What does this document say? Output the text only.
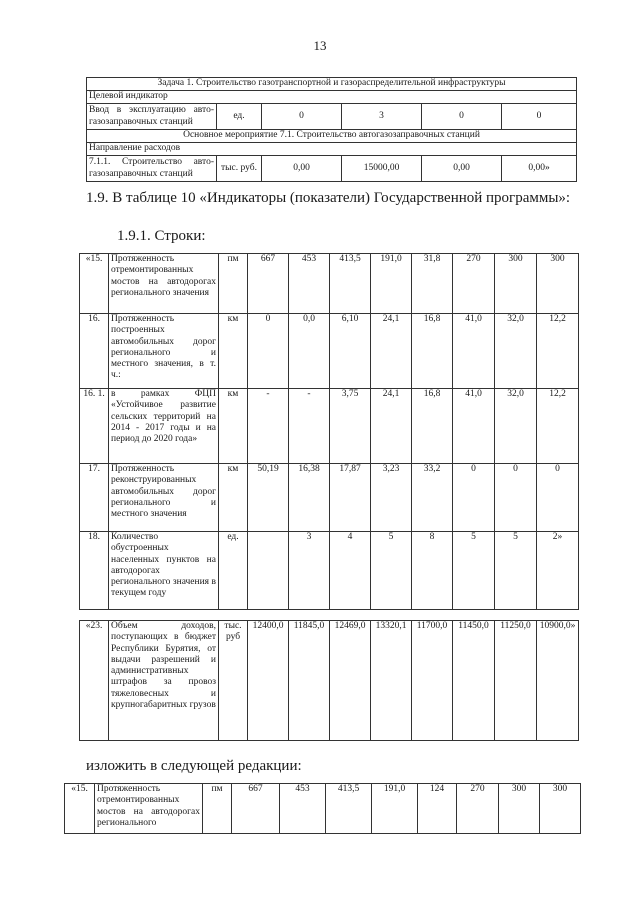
13
Задача 1. Строительство газотранспортной и газораспределительной инфраструктуры					
Целевой индикатор					
Ввод в эксплуатацию авто-газозаправочных станций	ед.	0	3	0	0
Основное мероприятие 7.1. Строительство автогазозаправочных станций					
Направление расходов					
7.1.1. Строительство авто-газозаправочных станций	тыс. руб.	0,00	15000,00	0,00	0,00»
1.9. В таблице 10 «Индикаторы (показатели) Государственной программы»:
1.9.1. Строки:
«15.	Протяженность отремонтированных мостов на автодорогах регионального значения	пм	667	453	413,5	191,0	31,8	270	300	300
16.	Протяженность построенных автомобильных дорог регионального и местного значения, в т. ч.:	км	0	0,0	6,10	24,1	16,8	41,0	32,0	12,2
16. 1.	в рамках ФЦП «Устойчивое развитие сельских территорий на 2014 - 2017 годы и на период до 2020 года»	км	-	-	3,75	24,1	16,8	41,0	32,0	12,2
17.	Протяженность реконструированных автомобильных дорог регионального и местного значения	км	50,19	16,38	17,87	3,23	33,2	0	0	0
18.	Количество обустроенных населенных пунктов на автодорогах регионального значения в текущем году	ед.		3	4	5	8	5	5	2»
«23.	Объем доходов, поступающих в бюджет Республики Бурятия, от выдачи разрешений и административных штрафов за провоз тяжеловесных и крупногабаритных грузов	тыс. руб	12400,0	11845,0	12469,0	13320,1	11700,0	11450,0	11250,0	10900,0»
изложить в следующей редакции:
«15.	Протяженность отремонтированных мостов на автодорогах регионального	пм	667	453	413,5	191,0	124	270	300	300
